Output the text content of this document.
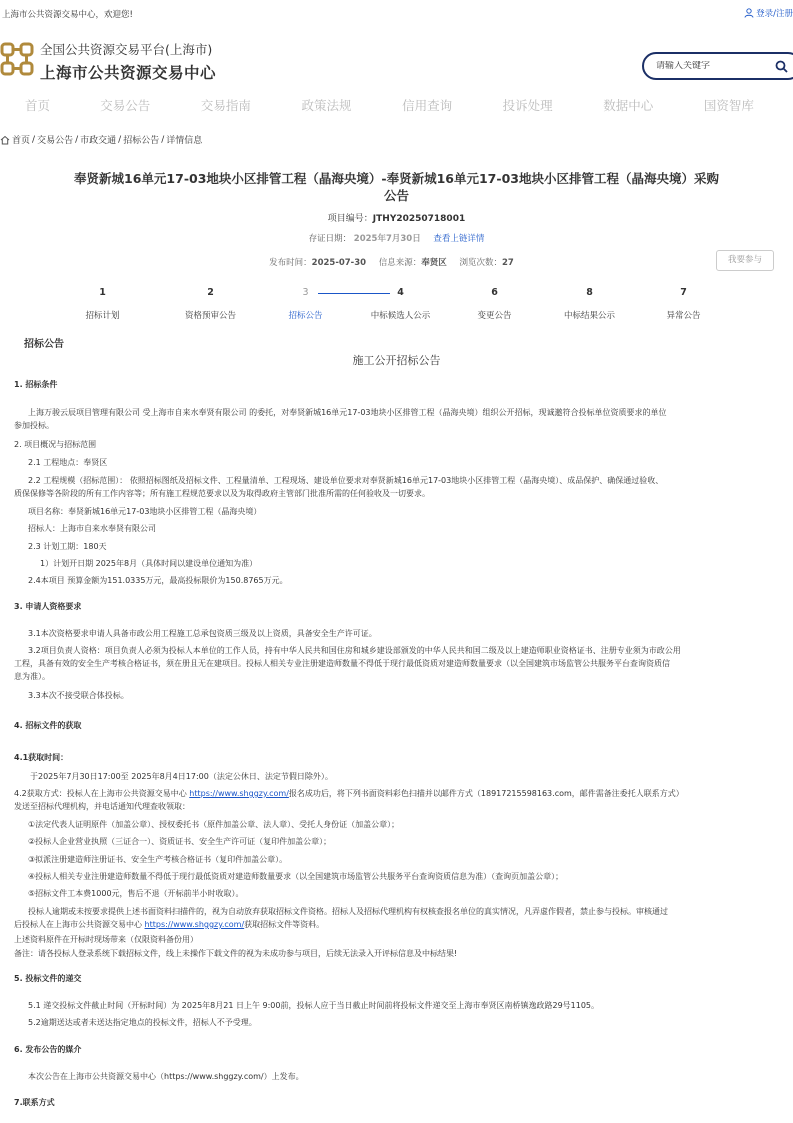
上海市公共资源交易中心，欢迎您!	登录/注册
全国公共资源交易平台(上海市)
上海市公共资源交易中心
请输入关键字
首页	交易公告	交易指南	政策法规	信用查询	投诉处理	数据中心	国资智库
首页 / 交易公告 / 市政交通 / 招标公告 / 详情信息
奉贤新城16单元17-03地块小区排管工程（晶海央境）-奉贤新城16单元17-03地块小区排管工程（晶海央境）采购
公告
项目编号：JTHY20250718001
存证日期： 2025年7月30日 查看上链详情
发布时间：2025-07-30 信息来源：奉贤区 浏览次数：27	我要参与
1
招标计划
2
资格预审公告
3
招标公告
4
中标候选人公示
6
变更公告
8
中标结果公示
7
异常公告
招标公告
施工公开招标公告
1. 招标条件
上海万骏云辰项目管理有限公司 受上海市自来水奉贤有限公司 的委托，对奉贤新城16单元17-03地块小区排管工程（晶海央境）组织公开招标，现诚邀符合投标单位资质要求的单位
参加投标。
2. 项目概况与招标范围
2.1 工程地点：奉贤区
2.2 工程规模（招标范围）： 依照招标图纸及招标文件、工程量清单、工程现场、建设单位要求对奉贤新城16单元17-03地块小区排管工程（晶海央境）、成品保护、确保通过验收、
质保保修等各阶段的所有工作内容等；所有施工程规范要求以及为取得政府主管部门批准所需的任何验收及一切要求。
项目名称：奉贤新城16单元17-03地块小区排管工程（晶海央境）
招标人：上海市自来水奉贤有限公司
2.3 计划工期：180天
1）计划开日期 2025年8月（具体时间以建设单位通知为准）
2.4本项目 预算金额为151.0335万元，最高投标限价为150.8765万元。
3. 申请人资格要求
3.1本次资格要求申请人具备市政公用工程施工总承包资质三级及以上资质，具备安全生产许可证。
3.2项目负责人资格：项目负责人必须为投标人本单位的工作人员，持有中华人民共和国住房和城乡建设部颁发的中华人民共和国二级及以上建造师职业资格证书、注册专业须为市政公用
工程，具备有效的安全生产考核合格证书，须在册且无在建项目。投标人相关专业注册建造师数量不得低于现行最低资质对建造师数量要求（以全国建筑市场监管公共服务平台查询资质信
息为准）。
3.3本次不接受联合体投标。
4. 招标文件的获取
4.1获取时间：
于2025年7月30日17:00至 2025年8月4日17:00（法定公休日、法定节假日除外）。
4.2获取方式：投标人在上海市公共资源交易中心 https://www.shggzy.com/报名成功后，将下列书面资料彩色扫描并以邮件方式（18917215598163.com，邮件需备注委托人联系方式）
发送至招标代理机构，并电话通知代理查收领取：
①法定代表人证明原件（加盖公章）、授权委托书（原件加盖公章、法人章）、受托人身份证（加盖公章）；
②投标人企业营业执照（三证合一）、资质证书、安全生产许可证（复印件加盖公章）；
③拟派注册建造师注册证书、安全生产考核合格证书（复印件加盖公章）。
④投标人相关专业注册建造师数量不得低于现行最低资质对建造师数量要求（以全国建筑市场监管公共服务平台查询资质信息为准）（查询页加盖公章）；
⑤招标文件工本费1000元，售后不退（开标前半小时收取）。
投标人逾期或未按要求提供上述书面资料扫描件的，视为自动放弃获取招标文件资格。招标人及招标代理机构有权核查报名单位的真实情况，凡弄虚作假者，禁止参与投标。审核通过
后投标人在上海市公共资源交易中心 https://www.shggzy.com/获取招标文件等资料。
上述资料原件在开标时现场带来（仅限资料备份用）
备注：请各投标人登录系统下载招标文件，线上未操作下载文件的视为未成功参与项目，后续无法录入开评标信息及中标结果!
5. 投标文件的递交
5.1 递交投标文件截止时间（开标时间）为 2025年8月21 日上午 9:00前，投标人应于当日截止时间前将投标文件递交至上海市奉贤区南桥镇逸政路29号1105。
5.2逾期送达或者未送达指定地点的投标文件，招标人不予受理。
6. 发布公告的媒介
本次公告在上海市公共资源交易中心（https://www.shggzy.com/）上发布。
7.联系方式
